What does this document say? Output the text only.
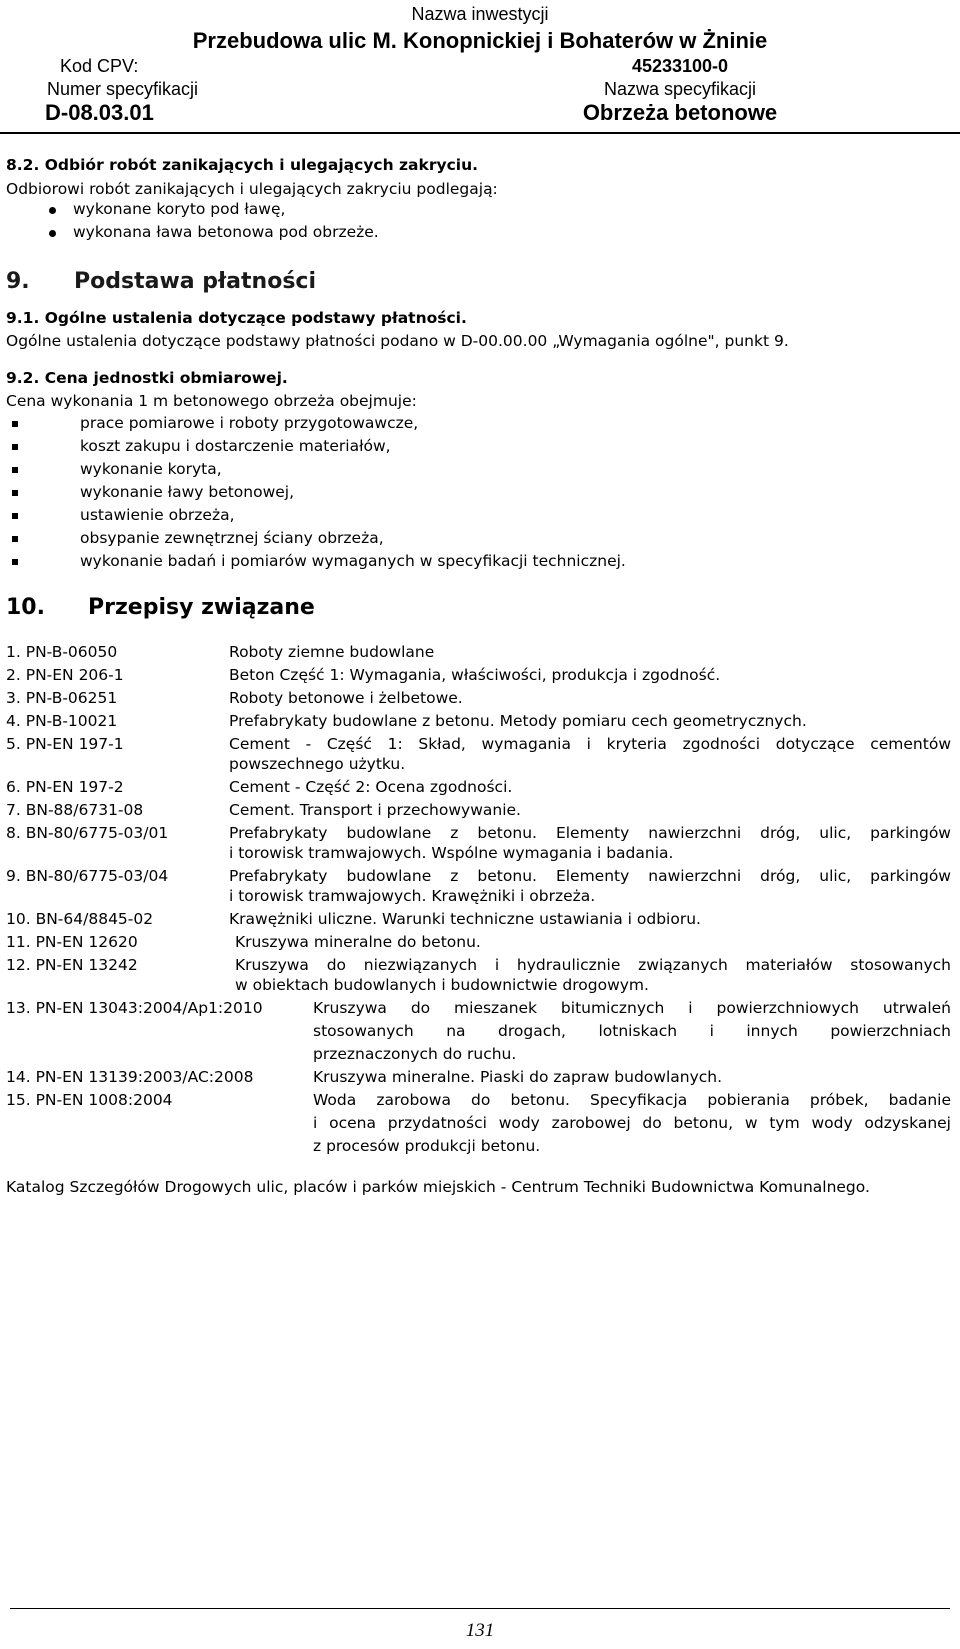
Nazwa inwestycji
Przebudowa ulic M. Konopnickiej i Bohaterów w Żninie
Kod CPV:	45233100-0
Numer specyfikacji	Nazwa specyfikacji
D-08.03.01	Obrzeża betonowe
8.2. Odbiór robót zanikających i ulegających zakryciu.
Odbiorowi robót zanikających i ulegających zakryciu podlegają:
wykonane koryto pod ławę,
wykonana ława betonowa pod obrzeże.
9. Podstawa płatności
9.1. Ogólne ustalenia dotyczące podstawy płatności.
Ogólne ustalenia dotyczące podstawy płatności podano w D-00.00.00 „Wymagania ogólne", punkt 9.
9.2. Cena jednostki obmiarowej.
Cena wykonania 1 m betonowego obrzeża obejmuje:
prace pomiarowe i roboty przygotowawcze,
koszt zakupu i dostarczenie materiałów,
wykonanie koryta,
wykonanie ławy betonowej,
ustawienie obrzeża,
obsypanie zewnętrznej ściany obrzeża,
wykonanie badań i pomiarów wymaganych w specyfikacji technicznej.
10. Przepisy związane
1. PN-B-06050	Roboty ziemne budowlane
2. PN-EN 206-1	Beton Część 1: Wymagania, właściwości, produkcja i zgodność.
3. PN-B-06251	Roboty betonowe i żelbetowe.
4. PN-B-10021	Prefabrykaty budowlane z betonu. Metody pomiaru cech geometrycznych.
5. PN-EN 197-1	Cement - Część 1: Skład, wymagania i kryteria zgodności dotyczące cementów
powszechnego użytku.
6. PN-EN 197-2	Cement - Część 2: Ocena zgodności.
7. BN-88/6731-08	Cement. Transport i przechowywanie.
8. BN-80/6775-03/01	Prefabrykaty budowlane z betonu. Elementy nawierzchni dróg, ulic, parkingów
i torowisk tramwajowych. Wspólne wymagania i badania.
9. BN-80/6775-03/04	Prefabrykaty budowlane z betonu. Elementy nawierzchni dróg, ulic, parkingów
i torowisk tramwajowych. Krawężniki i obrzeża.
10. BN-64/8845-02	Krawężniki uliczne. Warunki techniczne ustawiania i odbioru.
11. PN-EN 12620	Kruszywa mineralne do betonu.
12. PN-EN 13242	Kruszywa do niezwiązanych i hydraulicznie związanych materiałów stosowanych
w obiektach budowlanych i budownictwie drogowym.
13. PN-EN 13043:2004/Ap1:2010	Kruszywa do mieszanek bitumicznych i powierzchniowych utrwaleń
stosowanych na drogach, lotniskach i innych powierzchniach
przeznaczonych do ruchu.
14. PN-EN 13139:2003/AC:2008	Kruszywa mineralne. Piaski do zapraw budowlanych.
15. PN-EN 1008:2004	Woda zarobowa do betonu. Specyfikacja pobierania próbek, badanie
i ocena przydatności wody zarobowej do betonu, w tym wody odzyskanej
z procesów produkcji betonu.
Katalog Szczegółów Drogowych ulic, placów i parków miejskich - Centrum Techniki Budownictwa Komunalnego.
131
